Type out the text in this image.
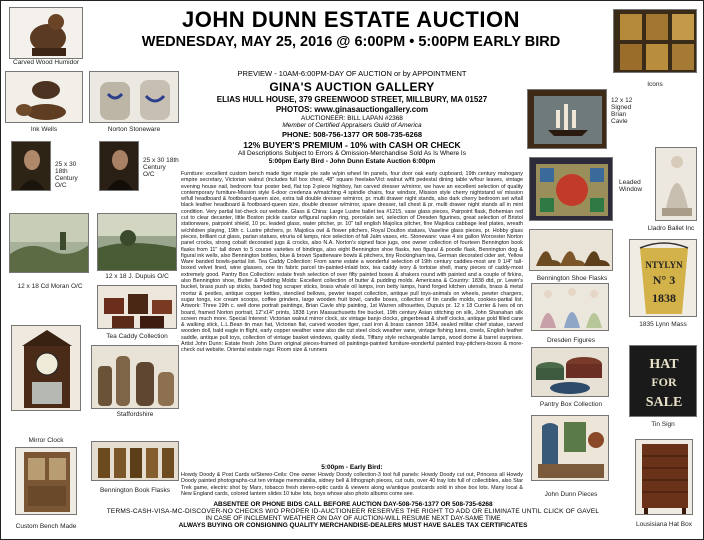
JOHN DUNN ESTATE AUCTION
WEDNESDAY, MAY 25, 2016 @ 6:00PM • 5:00PM EARLY BIRD
Carved Wood Humidor
Ink Wells	Norton Stoneware
25 x 30 18th Century O/C
25 x 30 18th Century O/C
12 x 18 Cd Moran O/C
12 x 18 J. Dupuis O/C
Tea Caddy Collection
Mirror Clock
Staffordshire
Bennington Book Flasks
Custom Bench Made
PREVIEW - 10AM-6:00PM-DAY OF AUCTION or by APPOINTMENT
GINA'S AUCTION GALLERY
ELIAS HULL HOUSE, 379 GREENWOOD STREET, MILLBURY, MA 01527
PHOTOS: www.ginasauctiongallery.com
AUCTIONEER: BILL LAPAN #2368
Member of Certified Appraisers Guild of America
PHONE: 508-756-1377 OR 508-735-6268
12% BUYER'S PREMIUM - 10% with CASH OR CHECK
All Descriptions Subject to Errors & Omission-Merchandise Sold As Is Where Is
5:00pm Early Bird - John Dunn Estate Auction 6:00pm
Furniture: excellent custom bench made tiger maple pie safe w/pin wheel tin panels, four door oak early cupboard, 19th century mahogany empire secretary, Victorian walnut (includes full box chest, 48" square freelake/Vict walnut w/fit pedestal dining table w/four leaves, vintage evening house nail, bedroom four poster bed, flat top 2-piece highboy, fan carved dresser w/mirror, we have an excellent selection of quality contemporary furniture-Mission style 6-door credenza w/matching 4 spindle chairs, four windsor, Mission style cherry nightstand w/ mission w/full headboard & footboard-queen size, extra tall double dresser w/mirror, pr. multi drawer night stands, also dark cherry bedroom set w/tall black leather headboard & footboard-queen size, double dresser w/mirror, spare dresser, tall chest & pr. multi drawer night stands all in mint condition. Very partial list-check our website. Glass & China: Large Lustre ballet tea #1215, vase glass pieces, Pairpoint flask, Bohemian red cut to clear decanter, little Boston pickle castor w/figural napkin ring, porcelain set, selection of Dresden figurines, great selection of Bristol stationware, pairpoint shield, 10 pc. leaded glass, water pitcher, pr. 10" tall english Majolica pitcher, fine Majolica cabbage leaf plates, wreath w/children playing, 19th c. Lustre pitchers, pr. Majolica owl & flower pitchers, Royal Doulton statues, Vaseline glass pieces, pr. Hobby glass pieces, brilliant cut glass, parian statues, etruria oil lamps, nice selection of fall Jalm vases, etc. Stoneware: vase 4 six gallon Worcester Norton panel crocks, strong cobalt decorated jugs & crocks, also N.A. Norton's signed face jugs, one owner collection of fourteen Bennington book flasks from 11" tall down to 5 course varieties of bindings, also eight Bennington shoe flasks, two figural & poodle flask, Bennington dog & figural ink wells, also Bennington bottles, blue & brown Spatterware bowls & pitchers, tiny Rockingham tea, German decorated cider set, Yellow Ware banded bowls-partial list. Tea Caddy Collection: From same estate a wonderful selection of 19th century caddies-most are 9 1/4" tall-boxed velvet lined, wine glasses, one tin fabric parcel tin-painted-inlaid box, tea caddy ivory & tortoise shell, many pieces of caddy-most extremely good. Pantry Box Collection: estate fresh selection of over fifty painted boxes & shakers round with painted and a couple of firkins, also Bennington shoe, Butter & Pudding Molds: Excellent collection of butter & pudding molds. Americana & Country: 1838 dtd, pr. Lewin's bucket, brass push up sticks, banded hog scraper sticks, brass whale oil lamps, iron betty lamps, hand forged kitchen utensils, brass & metal mortar & pestles, antique copper kettles, stenciled bellows, pewter teapot collection, antique pull toys-animals on wheels, pewter chargers, sugar tongs, ice cream scoops, coffee grinders, large wooden fruit bowl, candle boxes, collection of tin candle molds, cookies-partial list. Artwork: Three 19th c. well done portrait paintings, Brian Cavle ship painting, 1st Warren silhouettes, Dupuis pr. 12 x 18 Currier & Ives oil on board, framed Norton portrait, 12"x14" prints, 1838 Lynn Massachusetts fire bucket, 19th century Asian stitching on silk, John Shanahan silk screen much more. Special Interest: Victorian walnut mirror clock, six vintage banjo clocks, gingerbread & shelf clocks, antique gold filled cane & walking stick, L.L.Bean tin man hat, Victorian flat, carved wooden tiger, cast iron & brass cannon 1834, sealed militar chief statue, carved wooden doll, bald eagle in flight, early copper weather vane also die cut steel clock weather vane, vintage fishing lures, creels, English leather saddle, antique pull toys, collection of vintage basket windows, quality sleds, Tiffany style rechargeable lamps, wood dome & barrel surprises. Artist John Dunn: Estate fresh John Dunn original pieces-framed oil paintings-painted furniture-wonderful painted tray-pitchers-boxes & more-check out website. Oriental estate rugs: Room size & runners
5:00pm - Early Bird:
Howdy Doody & Post Cards w/Stereo-Ceils: One owner Howdy Doody collection-3 tool full panels: Howdy Doody cut out, Princess all Howdy Doody painted photographs-cut ten vintage memorabilia, sidney bell & lithograph pieces, cut outs, over 40 tray lots full of collectibles, also Star Trek game, electric shot by Marx, tobacco fresh stereo-optic cards & viewers along w/antique postcards sold in shoe box lots. Many local & New England cards, colored lantern slides 10 tube lots, boys whose also photo albums come see.
Icons
12 x 12 Signed Brian Cavle
Leaded Window
Lladro Ballet Inc
Bennington Shoe Flasks
NTYLYN
N° 3
1838
1835 Lynn Mass
Dresden Figures
Pantry Box Collection
HAT
FOR
SALE
Tin Sign
John Dunn Pieces
Lousisiana Hat Box
ABSENTEE OR PHONE BIDS CALL BEFORE AUCTION DAY-508-756-1377 OR 508-735-6268
TERMS-CASH-VISA-MC-DISCOVER-NO CHECKS W/O PROPER ID-AUCTIONEER RESERVES THE RIGHT TO ADD OR ELIMINATE UNTIL CLICK OF GAVEL
IN CASE OF INCLEMENT WEATHER ON DAY OF AUCTION-WILL RESUME NEXT DAY-SAME TIME
ALWAYS BUYING OR CONSIGNING QUALITY MERCHANDISE-DEALERS MUST HAVE SALES TAX CERTIFICATES
